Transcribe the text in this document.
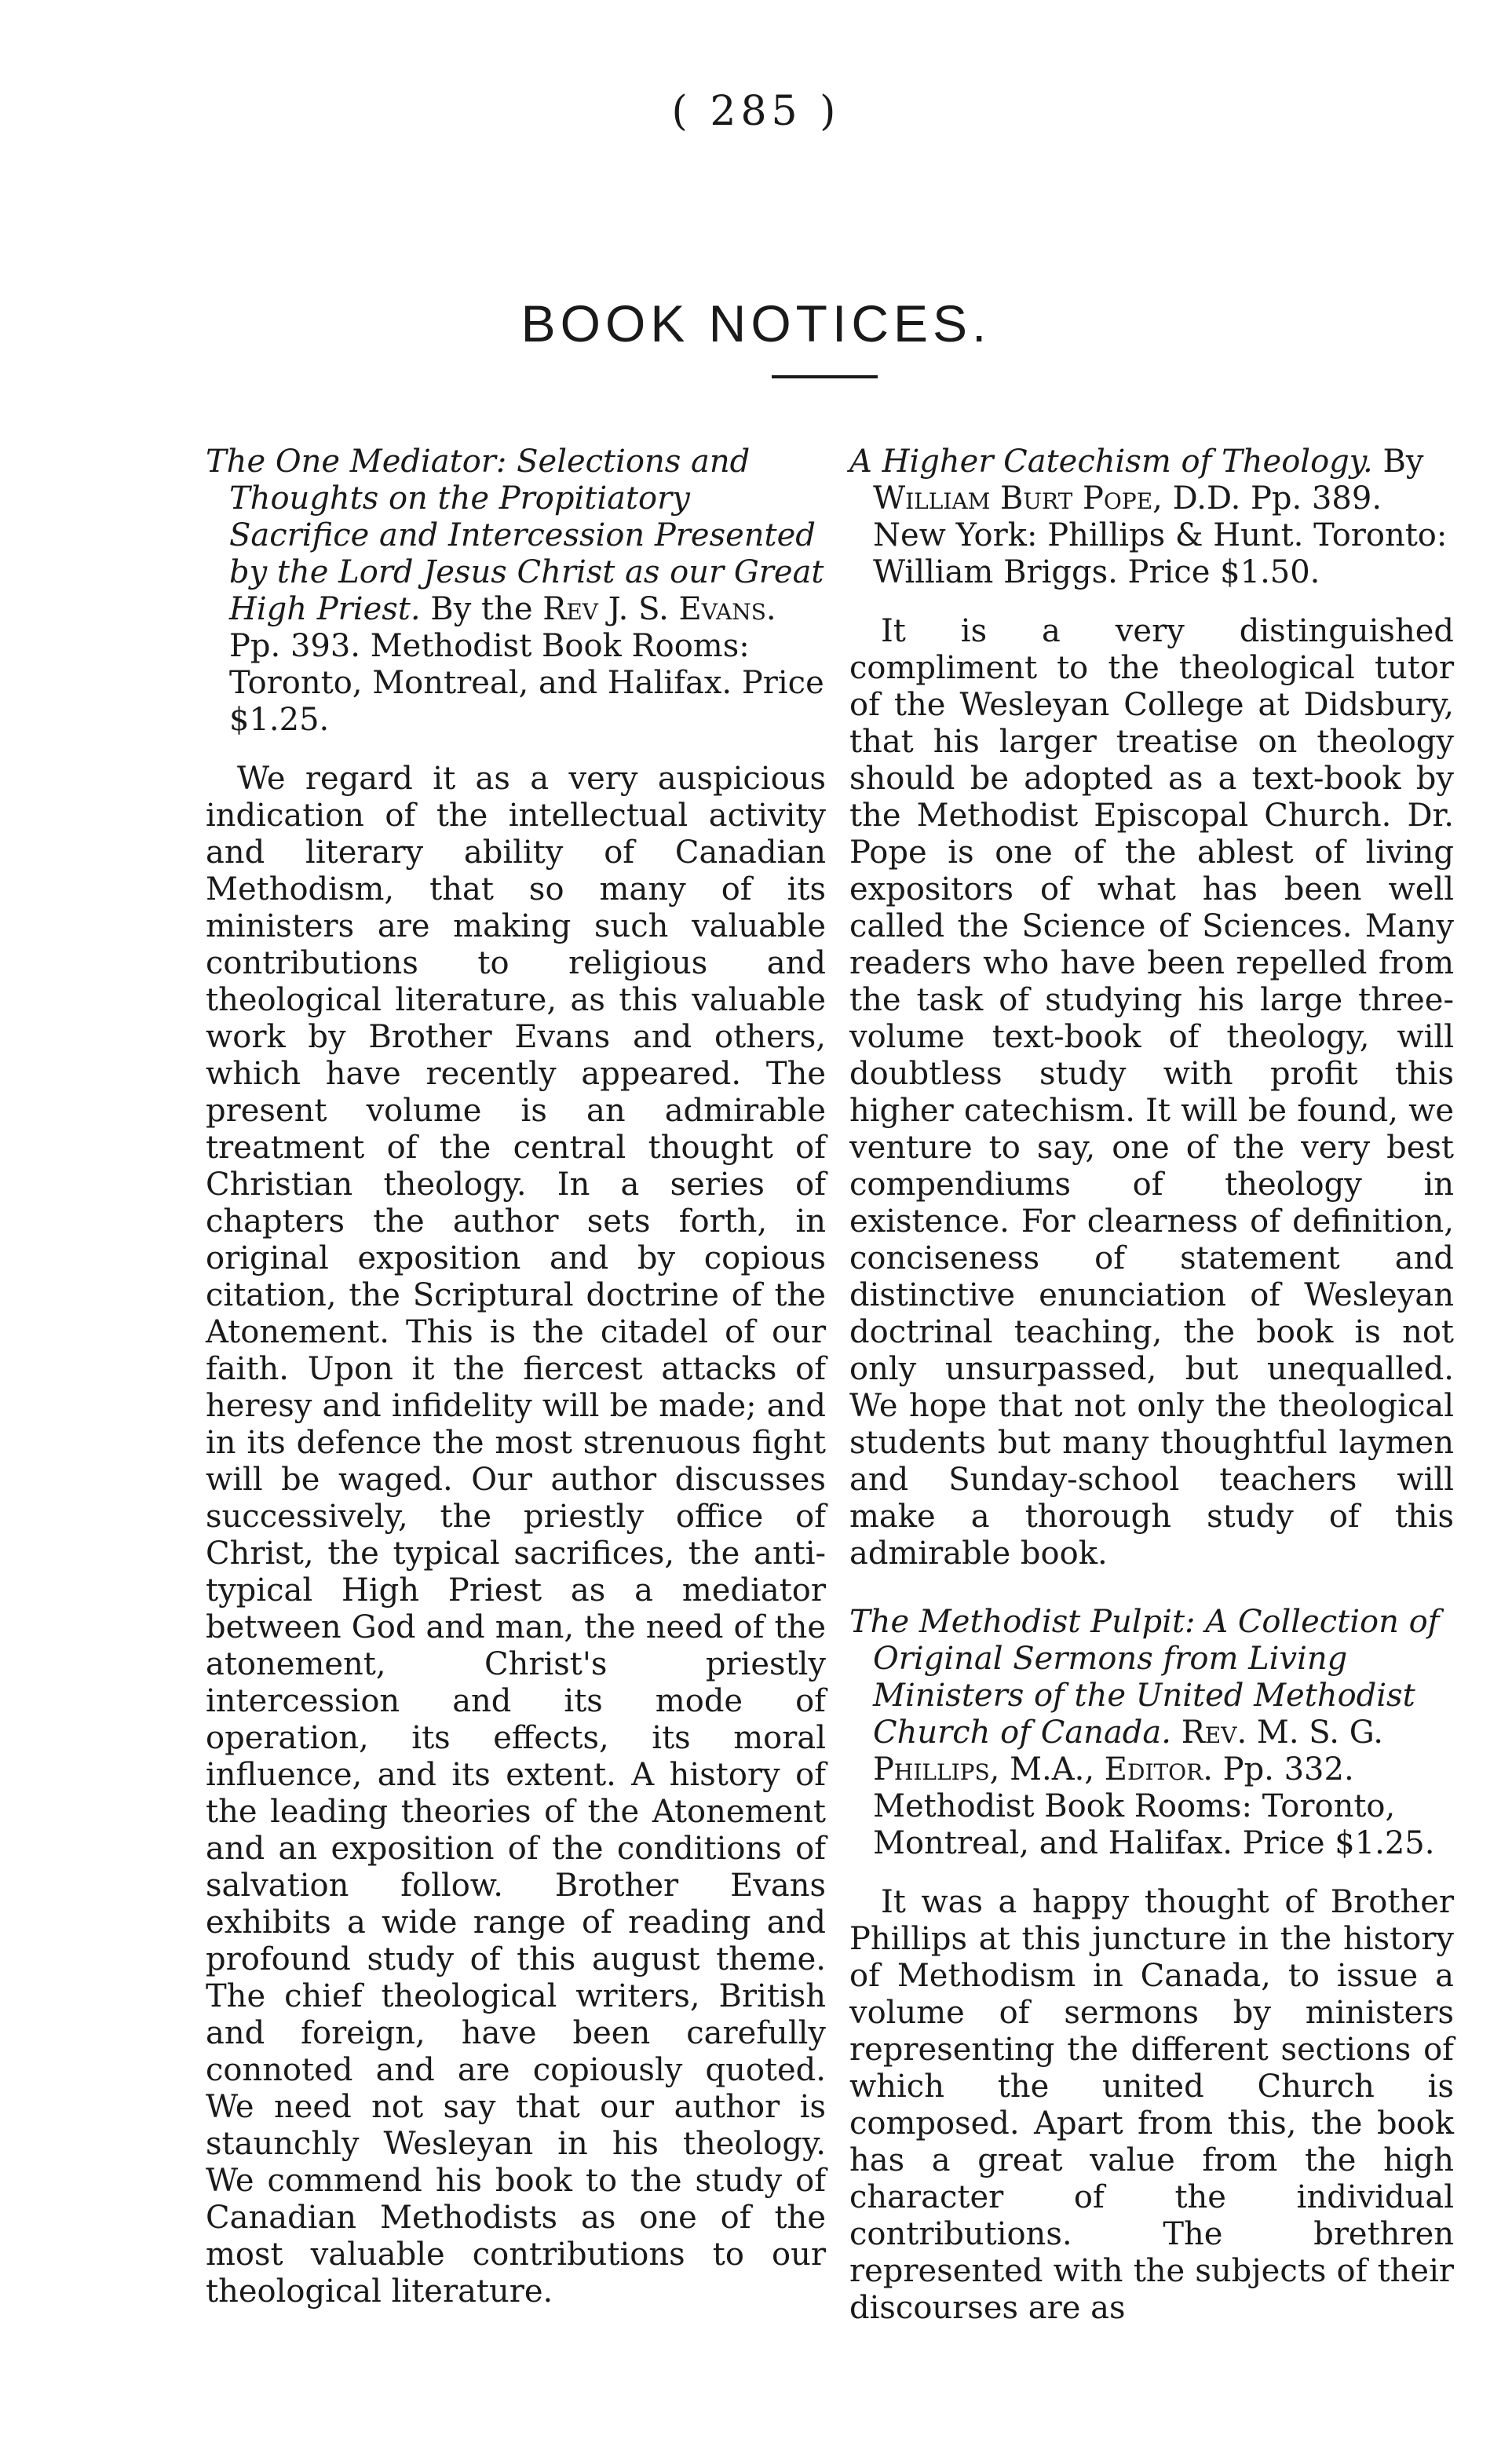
( 285 )
BOOK NOTICES.

The One Mediator: Selections and Thoughts on the Propitiatory Sacrifice and Intercession Presented by the Lord Jesus Christ as our Great High Priest. By the Rev J. S. Evans. Pp. 393. Methodist Book Rooms: Toronto, Montreal, and Halifax. Price $1.25.

We regard it as a very auspicious indication of the intellectual activity and literary ability of Canadian Methodism, that so many of its ministers are making such valuable contributions to religious and theological literature, as this valuable work by Brother Evans and others, which have recently appeared. The present volume is an admirable treatment of the central thought of Christian theology. In a series of chapters the author sets forth, in original exposition and by copious citation, the Scriptural doctrine of the Atonement. This is the citadel of our faith. Upon it the fiercest attacks of heresy and infidelity will be made; and in its defence the most strenuous fight will be waged. Our author discusses successively, the priestly office of Christ, the typical sacrifices, the anti-typical High Priest as a mediator between God and man, the need of the atonement, Christ's priestly intercession and its mode of operation, its effects, its moral influence, and its extent. A history of the leading theories of the Atonement and an exposition of the conditions of salvation follow. Brother Evans exhibits a wide range of reading and profound study of this august theme. The chief theological writers, British and foreign, have been carefully connoted and are copiously quoted. We need not say that our author is staunchly Wesleyan in his theology. We commend his book to the study of Canadian Methodists as one of the most valuable contributions to our theological literature.

A Higher Catechism of Theology. By William Burt Pope, D.D. Pp. 389. New York: Phillips & Hunt. Toronto: William Briggs. Price $1.50.

It is a very distinguished compliment to the theological tutor of the Wesleyan College at Didsbury, that his larger treatise on theology should be adopted as a text-book by the Methodist Episcopal Church. Dr. Pope is one of the ablest of living expositors of what has been well called the Science of Sciences. Many readers who have been repelled from the task of studying his large three-volume text-book of theology, will doubtless study with profit this higher catechism. It will be found, we venture to say, one of the very best compendiums of theology in existence. For clearness of definition, conciseness of statement and distinctive enunciation of Wesleyan doctrinal teaching, the book is not only unsurpassed, but unequalled. We hope that not only the theological students but many thoughtful laymen and Sunday-school teachers will make a thorough study of this admirable book.

The Methodist Pulpit: A Collection of Original Sermons from Living Ministers of the United Methodist Church of Canada. Rev. M. S. G. Phillips, M.A., Editor. Pp. 332. Methodist Book Rooms: Toronto, Montreal, and Halifax. Price $1.25.

It was a happy thought of Brother Phillips at this juncture in the history of Methodism in Canada, to issue a volume of sermons by ministers representing the different sections of which the united Church is composed. Apart from this, the book has a great value from the high character of the individual contributions. The brethren represented with the subjects of their discourses are as
